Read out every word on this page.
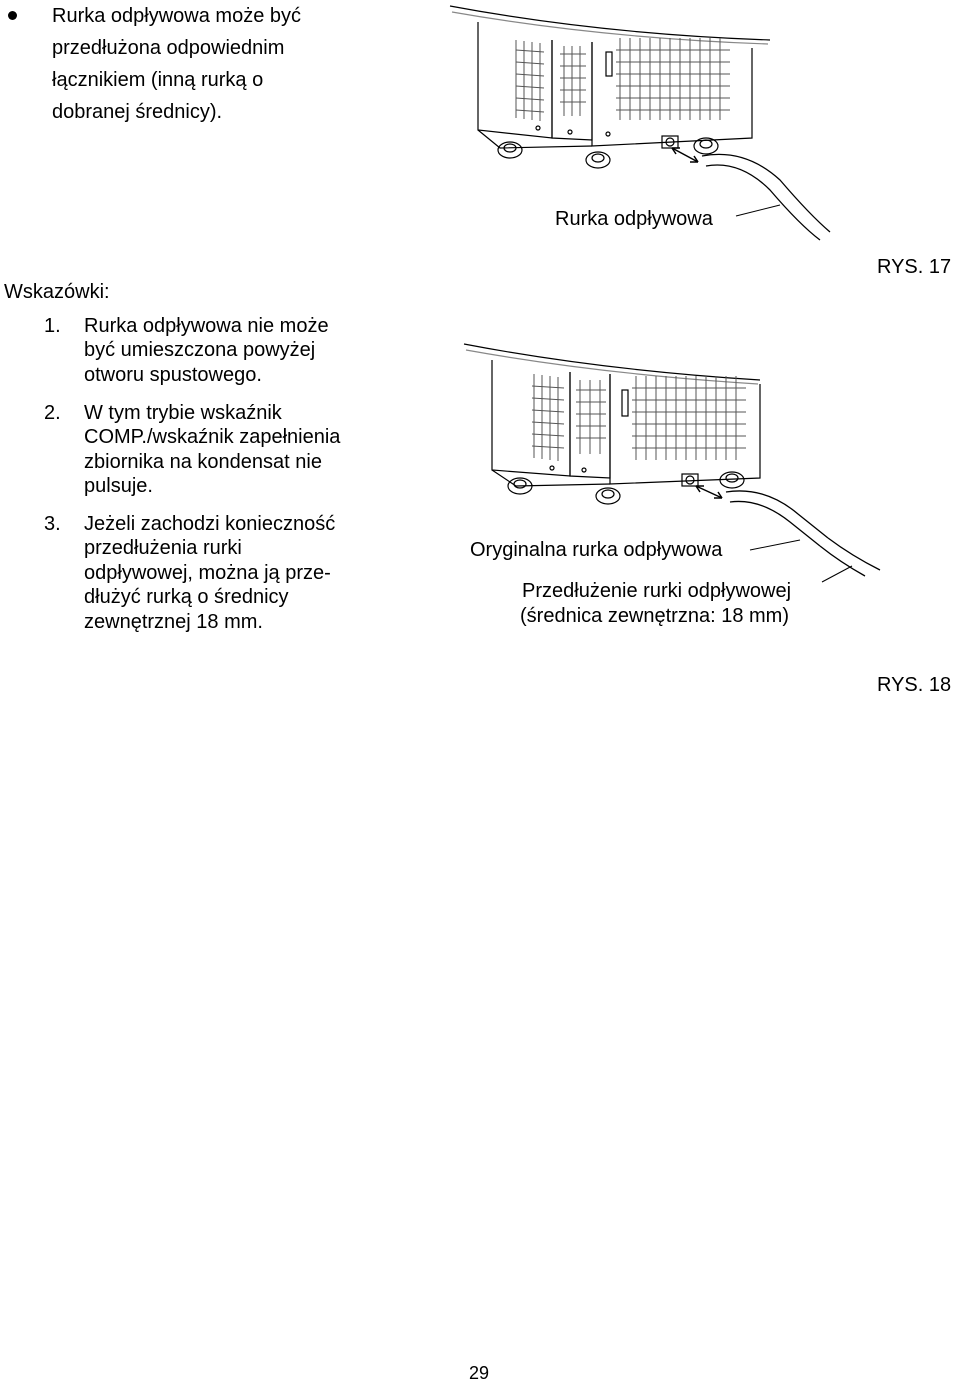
Rurka odpływowa może być
przedłużona odpowiednim
łącznikiem (inną rurką o
dobranej średnicy).
Wskazówki:
1. Rurka odpływowa nie może
być umieszczona powyżej
otworu spustowego.
2. W tym trybie wskaźnik
COMP./wskaźnik zapełnienia
zbiornika na kondensat nie
pulsuje.
3. Jeżeli zachodzi konieczność
przedłużenia rurki
odpływowej, można ją prze-
dłużyć rurką o średnicy
zewnętrznej 18 mm.
Rurka odpływowa
RYS. 17
Oryginalna rurka odpływowa
Przedłużenie rurki odpływowej
(średnica zewnętrzna: 18 mm)
RYS. 18
29
